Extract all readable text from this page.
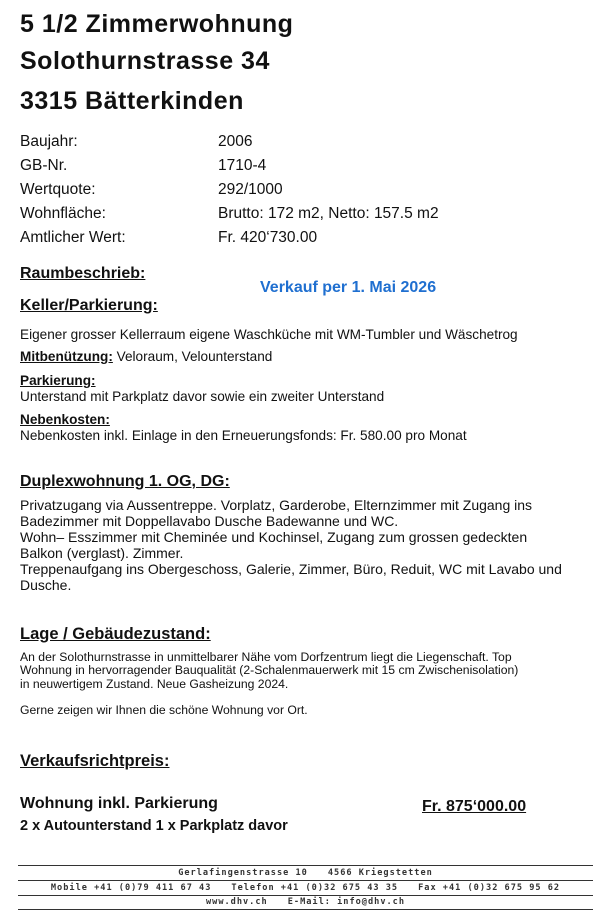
5 1/2 Zimmerwohnung
Solothurnstrasse 34
3315 Bätterkinden
Baujahr:	2006
GB-Nr.	1710-4
Wertquote:	292/1000
Wohnfläche:	Brutto: 172 m2, Netto: 157.5 m2
Amtlicher Wert:	Fr. 420‘730.00
Raumbeschrieb:
Verkauf per 1. Mai 2026
Keller/Parkierung:
Eigener grosser Kellerraum eigene Waschküche mit WM-Tumbler und Wäschetrog
Mitbenützung: Veloraum, Velounterstand
Parkierung:
Unterstand mit Parkplatz davor sowie ein zweiter Unterstand
Nebenkosten:
Nebenkosten inkl. Einlage in den Erneuerungsfonds: Fr. 580.00 pro Monat
Duplexwohnung 1. OG, DG:
Privatzugang via Aussentreppe. Vorplatz, Garderobe, Elternzimmer mit Zugang ins
Badezimmer mit Doppellavabo Dusche Badewanne und WC.
Wohn– Esszimmer mit Cheminée und Kochinsel, Zugang zum grossen gedeckten
Balkon (verglast). Zimmer.
Treppenaufgang ins Obergeschoss, Galerie, Zimmer, Büro, Reduit, WC mit Lavabo und
Dusche.
Lage / Gebäudezustand:
An der Solothurnstrasse in unmittelbarer Nähe vom Dorfzentrum liegt die Liegenschaft. Top
Wohnung in hervorragender Bauqualität (2-Schalenmauerwerk mit 15 cm Zwischenisolation)
in neuwertigem Zustand. Neue Gasheizung 2024.
Gerne zeigen wir Ihnen die schöne Wohnung vor Ort.
Verkaufsrichtpreis:
Wohnung inkl. Parkierung	Fr. 875‘000.00
2 x Autounterstand 1 x Parkplatz davor
Gerlafingenstrasse 10 4566 Kriegstetten
Mobile +41 (0)79 411 67 43 Telefon +41 (0)32 675 43 35 Fax +41 (0)32 675 95 62
www.dhv.ch E-Mail: info@dhv.ch
